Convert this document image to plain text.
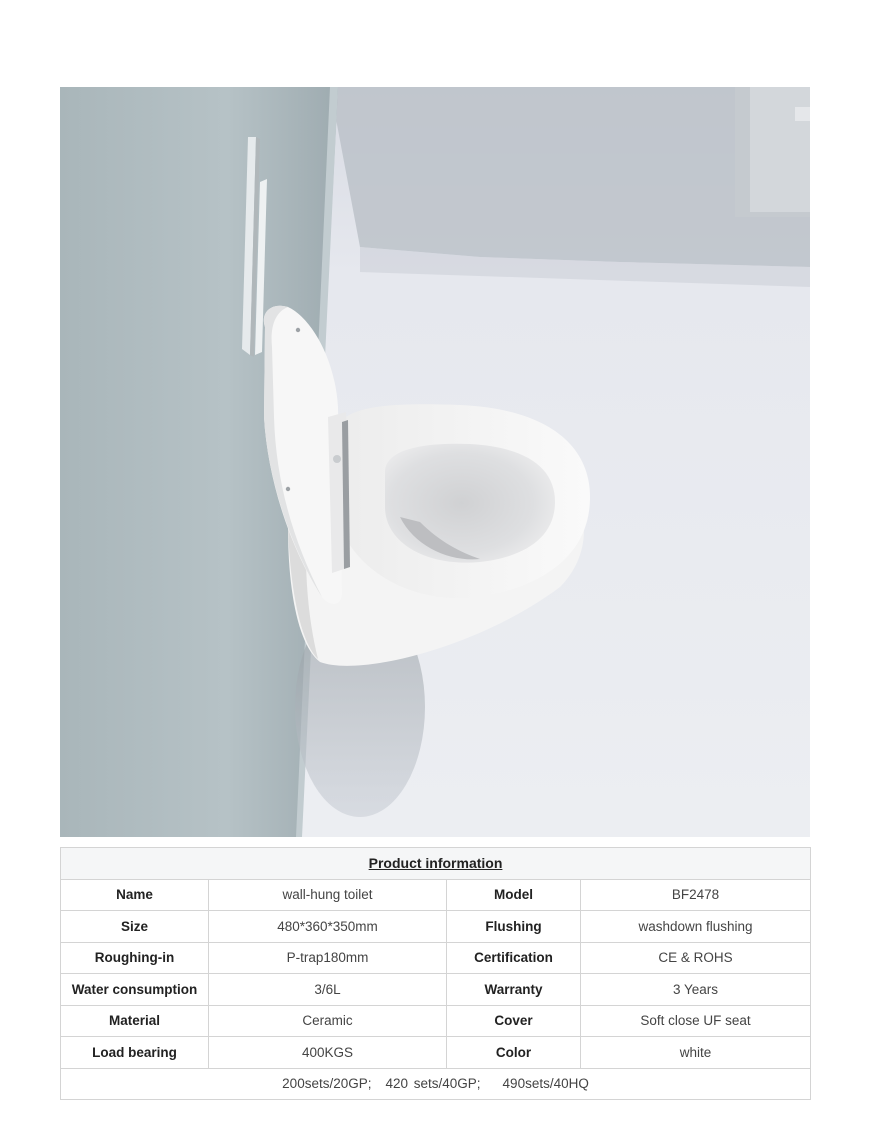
Product information			
Name	wall-hung toilet	Model	BF2478
Size	480*360*350mm	Flushing	washdown flushing
Roughing-in	P-trap180mm	Certification	CE & ROHS
Water consumption	3/6L	Warranty	3 Years
Material	Ceramic	Cover	Soft close UF seat
Load bearing	400KGS	Color	white
200sets/20GP; 420 sets/40GP; 490sets/40HQ			
